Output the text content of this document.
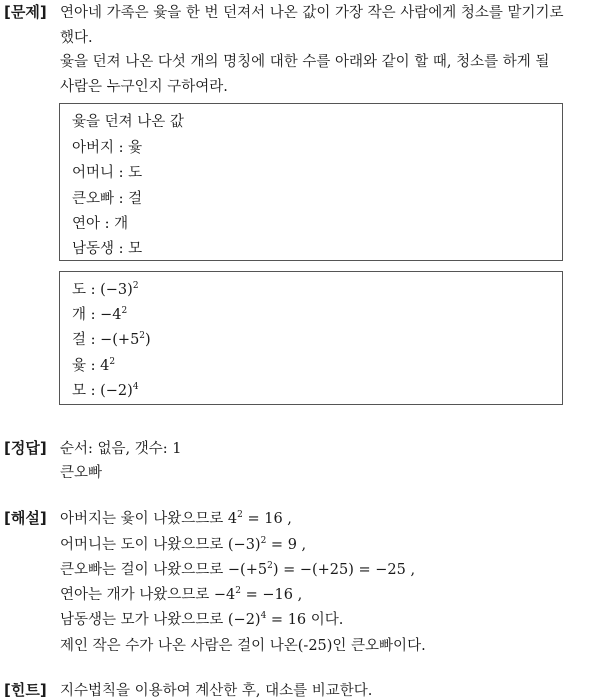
[문제] 연아네 가족은 윷을 한 번 던져서 나온 값이 가장 작은 사람에게 청소를 맡기기로
했다.
윷을 던져 나온 다섯 개의 명칭에 대한 수를 아래와 같이 할 때, 청소를 하게 될
사람은 누구인지 구하여라.
윷을 던져 나온 값
아버지 : 윷
어머니 : 도
큰오빠 : 걸
연아 : 개
남동생 : 모
도 : $(-3)^2$
개 : $-4^2$
걸 : $-(+5^2)$
윷 : $4^2$
모 : $(-2)^4$
[정답] 순서: 없음, 갯수: 1
큰오빠
[해설] 아버지는 윷이 나왔으므로 $4^2 = 16$ ,
어머니는 도이 나왔으므로 $(-3)^2 = 9$ ,
큰오빠는 걸이 나왔으므로 $-(+5^2) = -(+25) = -25$ ,
연아는 개가 나왔으므로 $-4^2 = -16$ ,
남동생는 모가 나왔으므로 $(-2)^4 = 16$ 이다.
제인 작은 수가 나온 사람은 걸이 나온(-25)인 큰오빠이다.
[힌트] 지수법칙을 이용하여 계산한 후, 대소를 비교한다.
